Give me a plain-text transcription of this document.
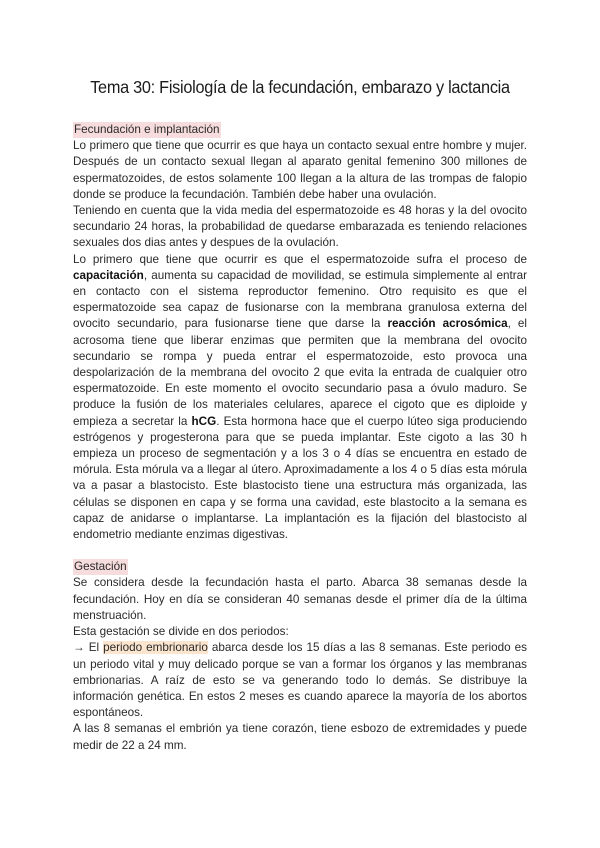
Tema 30: Fisiología de la fecundación, embarazo y lactancia

Fecundación e implantación

Lo primero que tiene que ocurrir es que haya un contacto sexual entre hombre y mujer. Después de un contacto sexual llegan al aparato genital femenino 300 millones de espermatozoides, de estos solamente 100 llegan a la altura de las trompas de falopio donde se produce la fecundación. También debe haber una ovulación.

Teniendo en cuenta que la vida media del espermatozoide es 48 horas y la del ovocito secundario 24 horas, la probabilidad de quedarse embarazada es teniendo relaciones sexuales dos dias antes y despues de la ovulación.

Lo primero que tiene que ocurrir es que el espermatozoide sufra el proceso de capacitación, aumenta su capacidad de movilidad, se estimula simplemente al entrar en contacto con el sistema reproductor femenino. Otro requisito es que el espermatozoide sea capaz de fusionarse con la membrana granulosa externa del ovocito secundario, para fusionarse tiene que darse la reacción acrosómica, el acrosoma tiene que liberar enzimas que permiten que la membrana del ovocito secundario se rompa y pueda entrar el espermatozoide, esto provoca una despolarización de la membrana del ovocito 2 que evita la entrada de cualquier otro espermatozoide. En este momento el ovocito secundario pasa a óvulo maduro. Se produce la fusión de los materiales celulares, aparece el cigoto que es diploide y empieza a secretar la hCG. Esta hormona hace que el cuerpo lúteo siga produciendo estrógenos y progesterona para que se pueda implantar. Este cigoto a las 30 h empieza un proceso de segmentación y a los 3 o 4 días se encuentra en estado de mórula. Esta mórula va a llegar al útero. Aproximadamente a los 4 o 5 días esta mórula va a pasar a blastocisto. Este blastocisto tiene una estructura más organizada, las células se disponen en capa y se forma una cavidad, este blastocito a la semana es capaz de anidarse o implantarse. La implantación es la fijación del blastocisto al endometrio mediante enzimas digestivas.

Gestación

Se considera desde la fecundación hasta el parto. Abarca 38 semanas desde la fecundación. Hoy en día se consideran 40 semanas desde el primer día de la última menstruación.

Esta gestación se divide en dos periodos:

→ El periodo embrionario abarca desde los 15 días a las 8 semanas. Este periodo es un periodo vital y muy delicado porque se van a formar los órganos y las membranas embrionarias. A raíz de esto se va generando todo lo demás. Se distribuye la información genética. En estos 2 meses es cuando aparece la mayoría de los abortos espontáneos.

A las 8 semanas el embrión ya tiene corazón, tiene esbozo de extremidades y puede medir de 22 a 24 mm.
